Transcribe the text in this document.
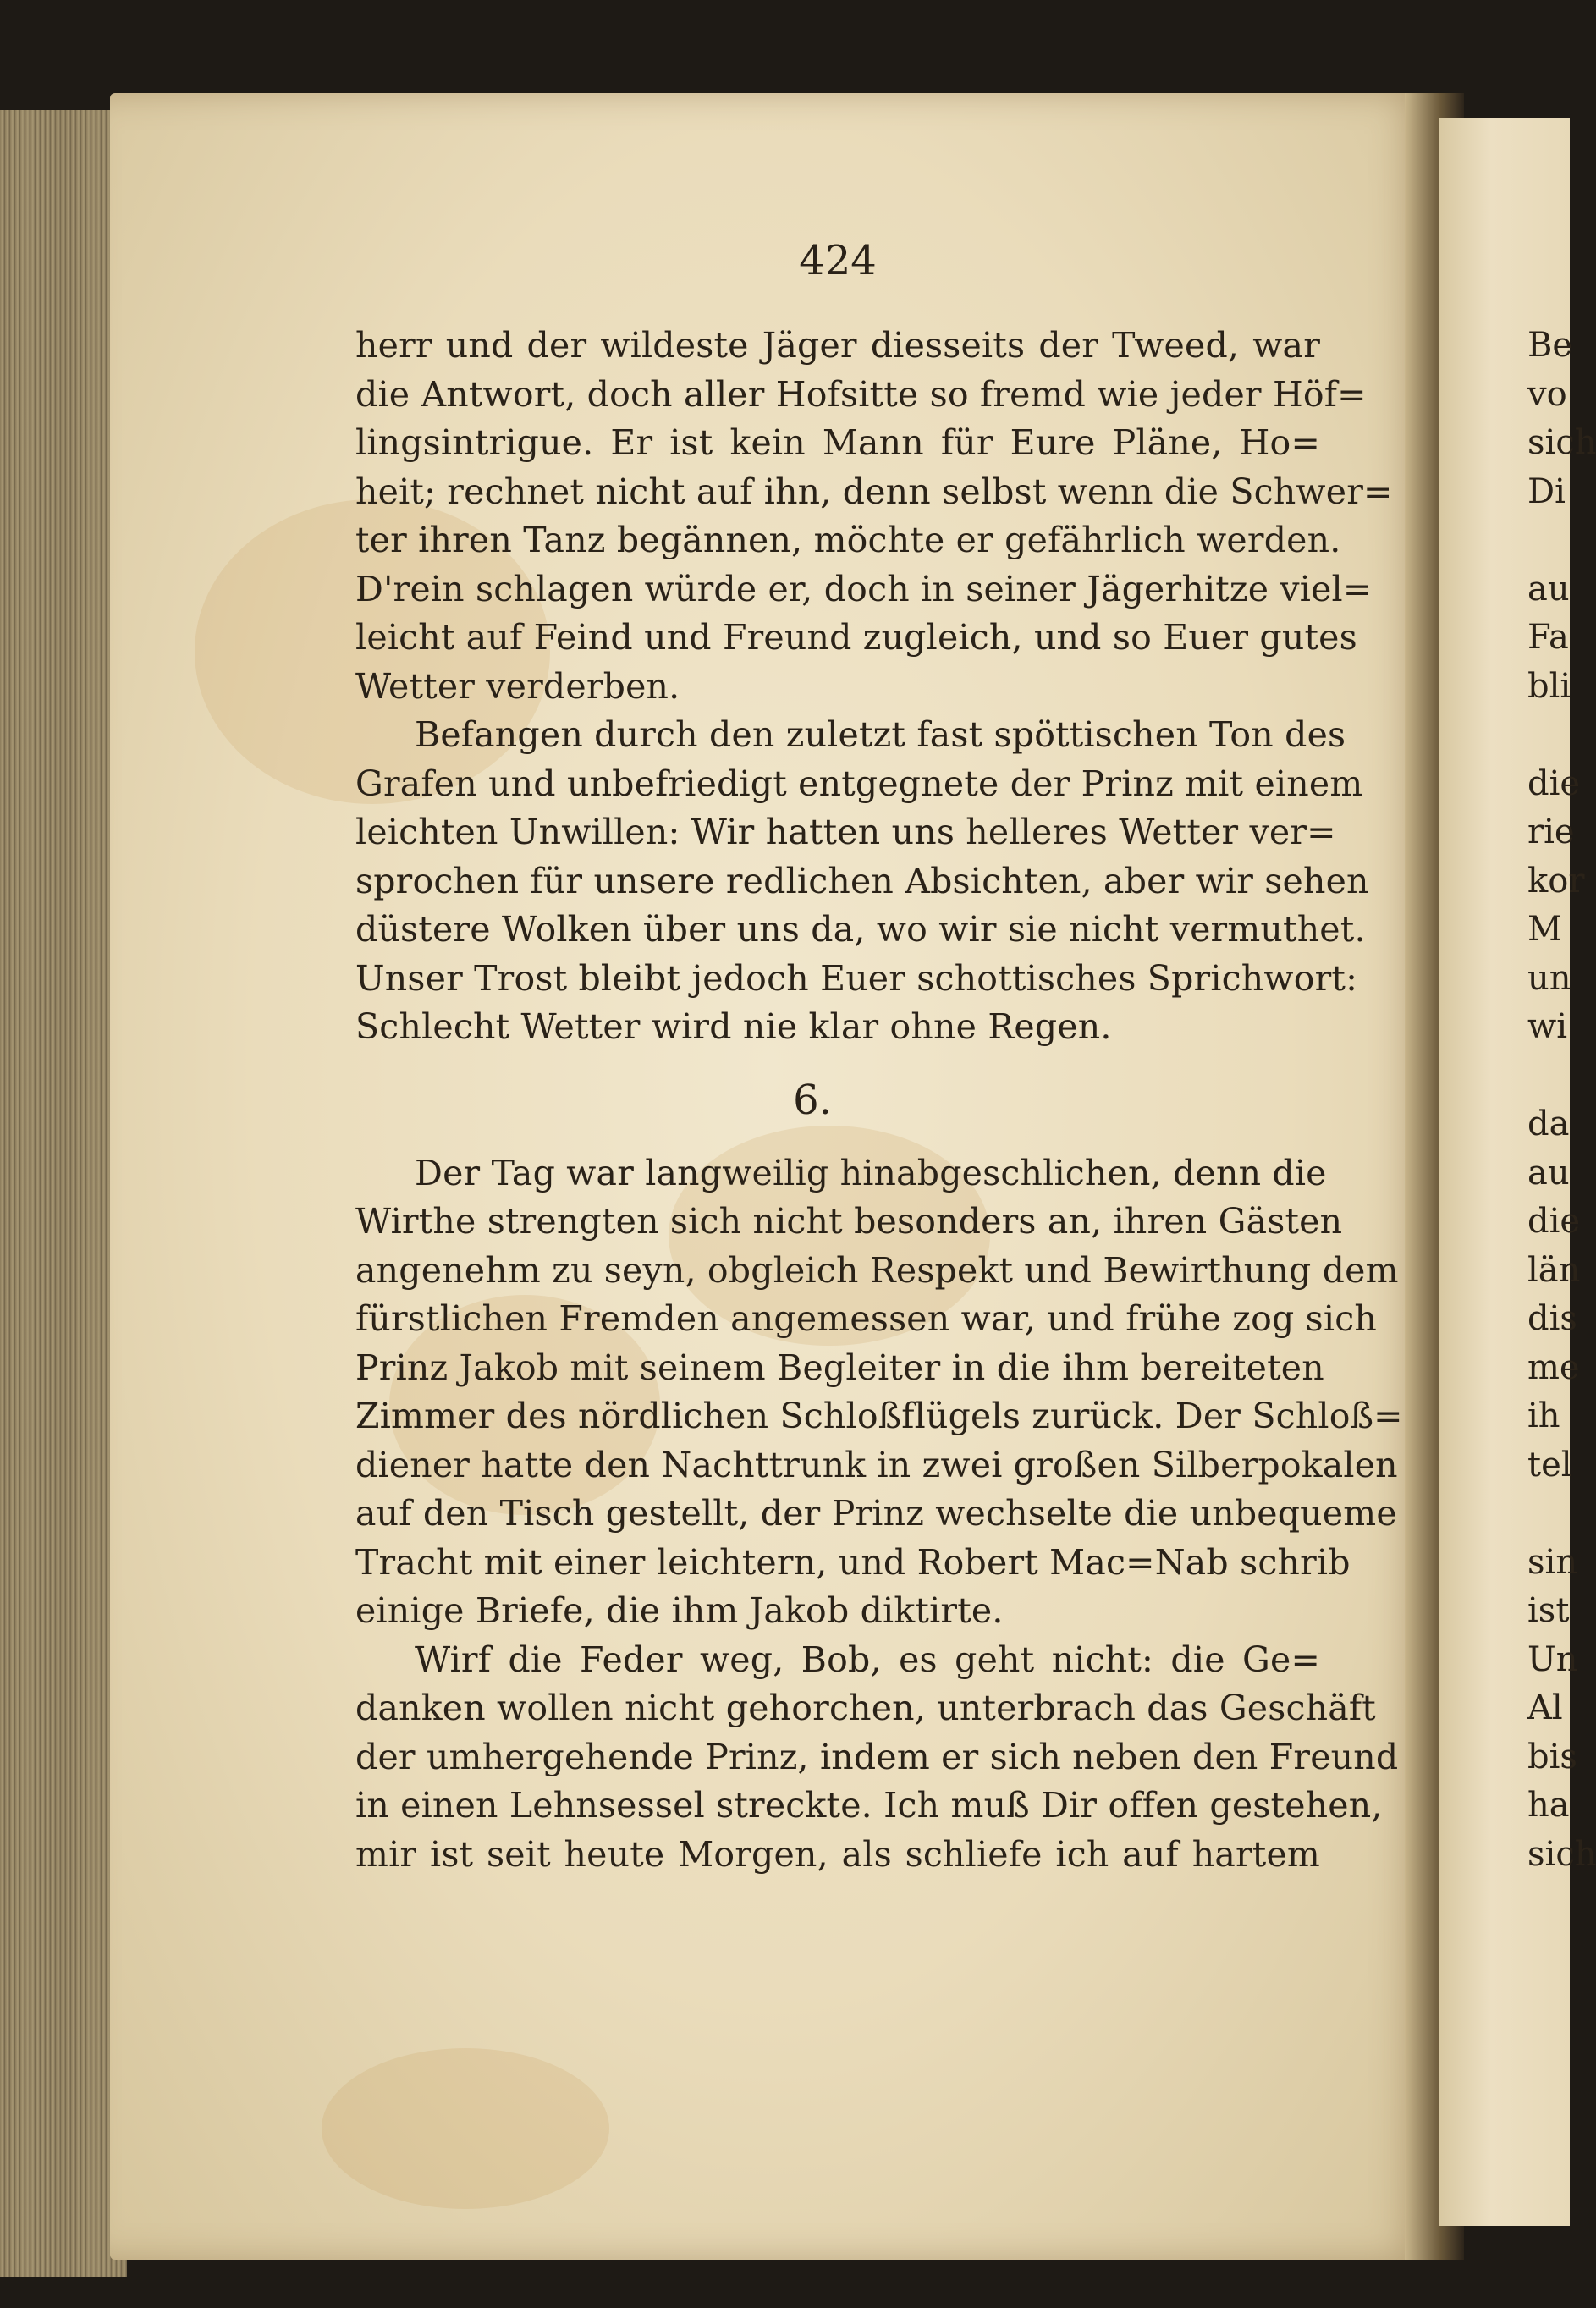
424
herr und der wildeste Jäger diesseits der Tweed, war
die Antwort, doch aller Hofsitte so fremd wie jeder Höf=
lingsintrigue. Er ist kein Mann für Eure Pläne, Ho=
heit; rechnet nicht auf ihn, denn selbst wenn die Schwer=
ter ihren Tanz begännen, möchte er gefährlich werden.
D'rein schlagen würde er, doch in seiner Jägerhitze viel=
leicht auf Feind und Freund zugleich, und so Euer gutes
Wetter verderben.
Befangen durch den zuletzt fast spöttischen Ton des
Grafen und unbefriedigt entgegnete der Prinz mit einem
leichten Unwillen: Wir hatten uns helleres Wetter ver=
sprochen für unsere redlichen Absichten, aber wir sehen
düstere Wolken über uns da, wo wir sie nicht vermuthet.
Unser Trost bleibt jedoch Euer schottisches Sprichwort:
Schlecht Wetter wird nie klar ohne Regen.
6.
Der Tag war langweilig hinabgeschlichen, denn die
Wirthe strengten sich nicht besonders an, ihren Gästen
angenehm zu seyn, obgleich Respekt und Bewirthung dem
fürstlichen Fremden angemessen war, und frühe zog sich
Prinz Jakob mit seinem Begleiter in die ihm bereiteten
Zimmer des nördlichen Schloßflügels zurück. Der Schloß=
diener hatte den Nachttrunk in zwei großen Silberpokalen
auf den Tisch gestellt, der Prinz wechselte die unbequeme
Tracht mit einer leichtern, und Robert Mac=Nab schrib
einige Briefe, die ihm Jakob diktirte.
Wirf die Feder weg, Bob, es geht nicht: die Ge=
danken wollen nicht gehorchen, unterbrach das Geschäft
der umhergehende Prinz, indem er sich neben den Freund
in einen Lehnsessel streckte. Ich muß Dir offen gestehen,
mir ist seit heute Morgen, als schliefe ich auf hartem
Be
vo
sich
Di
au
Fa
bli
die
rie
kor
M
un
wi
da
au
die
län
dis
me
ih
tel
sin
ist
Un
Al
bis
ha
sich
